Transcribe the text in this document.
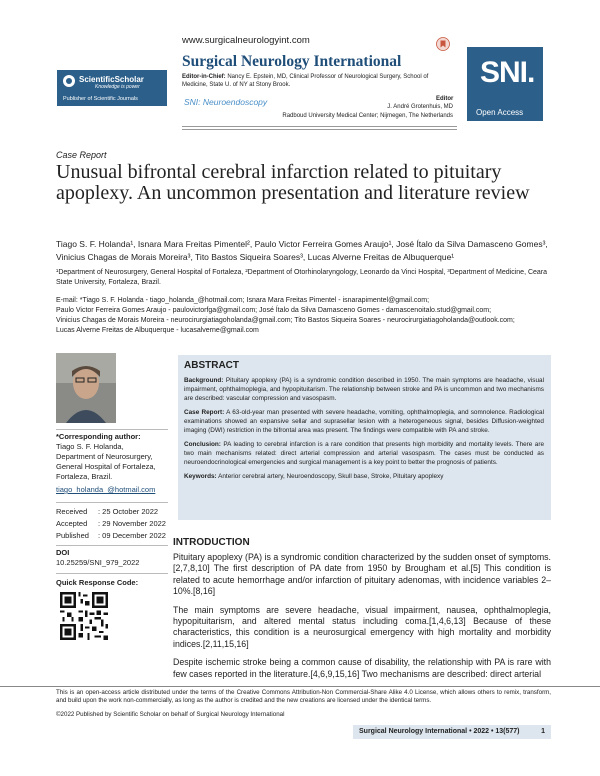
ScientificScholar
Knowledge is power
Publisher of Scientific Journals
www.surgicalneurologyint.com
Surgical Neurology International
Editor-in-Chief: Nancy E. Epstein, MD, Clinical Professor of Neurological Surgery, School of Medicine, State U. of NY at Stony Brook.
SNI: Neuroendoscopy	Editor
J. André Grotenhuis, MD
Radboud University Medical Center; Nijmegen, The Netherlands
SNI.
Open Access
Case Report
Unusual bifrontal cerebral infarction related to pituitary apoplexy. An uncommon presentation and literature review
Tiago S. F. Holanda¹, Isnara Mara Freitas Pimentel², Paulo Victor Ferreira Gomes Araujo¹, José Ítalo da Silva Damasceno Gomes³,
Vinicius Chagas de Morais Moreira³, Tito Bastos Siqueira Soares³, Lucas Alverne Freitas de Albuquerque¹
¹Department of Neurosurgery, General Hospital of Fortaleza, ²Department of Otorhinolaryngology, Leonardo da Vinci Hospital, ³Department of Medicine, Ceara State University, Fortaleza, Brazil.
E-mail: *Tiago S. F. Holanda - tiago_holanda_@hotmail.com; Isnara Mara Freitas Pimentel - isnarapimentel@gmail.com;
Paulo Victor Ferreira Gomes Araujo - paulovictorfga@gmail.com; José Ítalo da Silva Damasceno Gomes - damascenoitalo.stud@gmail.com;
Vinicius Chagas de Morais Moreira - neurocirurgiatiagoholanda@gmail.com; Tito Bastos Siqueira Soares - neurocirurgiatiagoholanda@outlook.com;
Lucas Alverne Freitas de Albuquerque - lucasalverne@gmail.com
*Corresponding author:
Tiago S. F. Holanda,
Department of Neurosurgery,
General Hospital of Fortaleza,
Fortaleza, Brazil.
tiago_holanda_@hotmail.com
Received : 25 October 2022
Accepted : 29 November 2022
Published : 09 December 2022
DOI
10.25259/SNI_979_2022
Quick Response Code:
ABSTRACT

Background: Pituitary apoplexy (PA) is a syndromic condition described in 1950. The main symptoms are headache, visual impairment, ophthalmoplegia, and hypopituitarism. The relationship between stroke and PA is uncommon and two mechanisms are described: vascular compression and vasospasm.

Case Report: A 63-old-year man presented with severe headache, vomiting, ophthalmoplegia, and somnolence. Radiological examinations showed an expansive sellar and suprasellar lesion with a heterogeneous signal, besides Diffusion-weighted imaging (DWI) restriction in the bifrontal area was present. The findings were compatible with PA and stroke.

Conclusion: PA leading to cerebral infarction is a rare condition that presents high morbidity and mortality levels. There are two main mechanisms related: direct arterial compression and arterial vasospasm. The cases must be conducted as neuroendocrinological emergencies and surgical management is a key point to better the prognosis of patients.

Keywords: Anterior cerebral artery, Neuroendoscopy, Skull base, Stroke, Pituitary apoplexy

INTRODUCTION

Pituitary apoplexy (PA) is a syndromic condition characterized by the sudden onset of symptoms.[2,7,8,10] The first description of PA date from 1950 by Brougham et al.[5] This condition is related to acute hemorrhage and/or infarction of pituitary adenomas, with incidence variables 2–10%.[8,16]

The main symptoms are severe headache, visual impairment, nausea, ophthalmoplegia, hypopituitarism, and altered mental status including coma.[1,4,6,13] Because of these characteristics, this condition is a neurosurgical emergency with high mortality and morbidity indices.[2,11,15,16]

Despite ischemic stroke being a common cause of disability, the relationship with PA is rare with few cases reported in the literature.[4,6,9,15,16] Two mechanisms are described: direct arterial

This is an open-access article distributed under the terms of the Creative Commons Attribution-Non Commercial-Share Alike 4.0 License, which allows others to remix, transform, and build upon the work non-commercially, as long as the author is credited and the new creations are licensed under the identical terms.
©2022 Published by Scientific Scholar on behalf of Surgical Neurology International
Surgical Neurology International • 2022 • 13(577)	1
